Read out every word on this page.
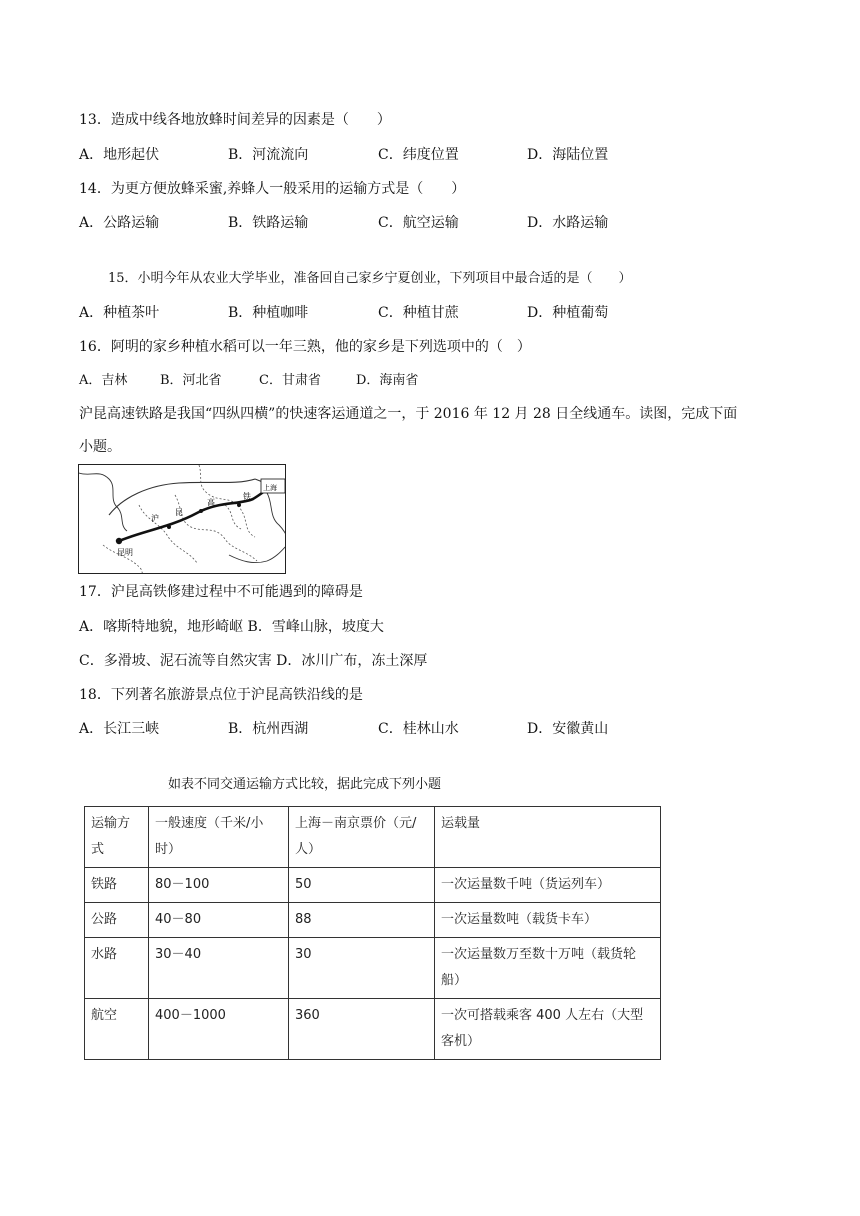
13．造成中线各地放蜂时间差异的因素是（　　）
A．地形起伏	B．河流流向	C．纬度位置	D．海陆位置
14．为更方便放蜂采蜜,养蜂人一般采用的运输方式是（　　）
A．公路运输	B．铁路运输	C．航空运输	D．水路运输
15．小明今年从农业大学毕业，准备回自己家乡宁夏创业，下列项目中最合适的是（　　）
A．种植茶叶	B．种植咖啡	C．种植甘蔗	D．种植葡萄
16．阿明的家乡种植水稻可以一年三熟，他的家乡是下列选项中的（　）
A．吉林	B．河北省	C．甘肃省	D．海南省
沪昆高速铁路是我国“四纵四横”的快速客运通道之一，于 2016 年 12 月 28 日全线通车。读图，完成下面
小题。
昆明
沪
昆
高
铁
上海
17．沪昆高铁修建过程中不可能遇到的障碍是
A．喀斯特地貌，地形崎岖 B．雪峰山脉，坡度大
C．多滑坡、泥石流等自然灾害 D．冰川广布，冻土深厚
18．下列著名旅游景点位于沪昆高铁沿线的是
A．长江三峡	B．杭州西湖	C．桂林山水	D．安徽黄山
如表不同交通运输方式比较，据此完成下列小题
运输方式	一般速度（千米/小时）	上海－南京票价（元/人）	运载量
铁路	80－100	50	一次运量数千吨（货运列车）
公路	40－80	88	一次运量数吨（载货卡车）
水路	30－40	30	一次运量数万至数十万吨（载货轮船）
航空	400－1000	360	一次可搭载乘客 400 人左右（大型客机）
